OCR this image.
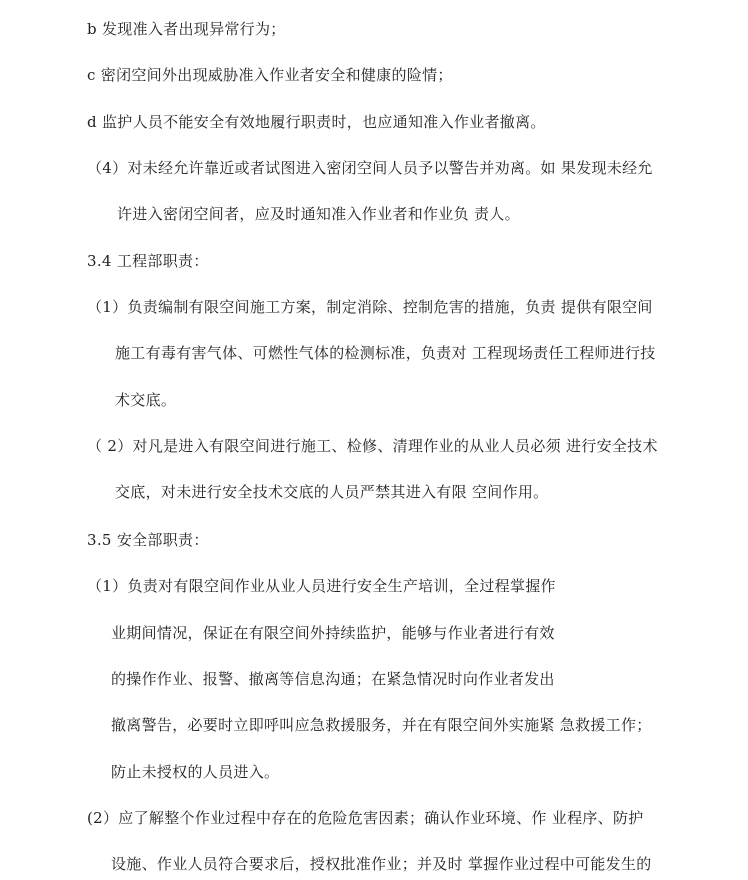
b 发现准入者出现异常行为；
c 密闭空间外出现威胁准入作业者安全和健康的险情；
d 监护人员不能安全有效地履行职责时，也应通知准入作业者撤离。
（4）对未经允许靠近或者试图进入密闭空间人员予以警告并劝离。如 果发现未经允
许进入密闭空间者，应及时通知准入作业者和作业负 责人。
3.4 工程部职责：
（1）负责编制有限空间施工方案，制定消除、控制危害的措施，负责 提供有限空间
施工有毒有害气体、可燃性气体的检测标准，负责对 工程现场责任工程师进行技
术交底。
（ 2）对凡是进入有限空间进行施工、检修、清理作业的从业人员必须 进行安全技术
交底，对未进行安全技术交底的人员严禁其进入有限 空间作用。
3.5 安全部职责：
（1）负责对有限空间作业从业人员进行安全生产培训，全过程掌握作
业期间情况，保证在有限空间外持续监护，能够与作业者进行有效
的操作作业、报警、撤离等信息沟通；在紧急情况时向作业者发出
撤离警告，必要时立即呼叫应急救援服务，并在有限空间外实施紧 急救援工作；
防止未授权的人员进入。
(2）应了解整个作业过程中存在的危险危害因素；确认作业环境、作 业程序、防护
设施、作业人员符合要求后，授权批准作业；并及时 掌握作业过程中可能发生的
